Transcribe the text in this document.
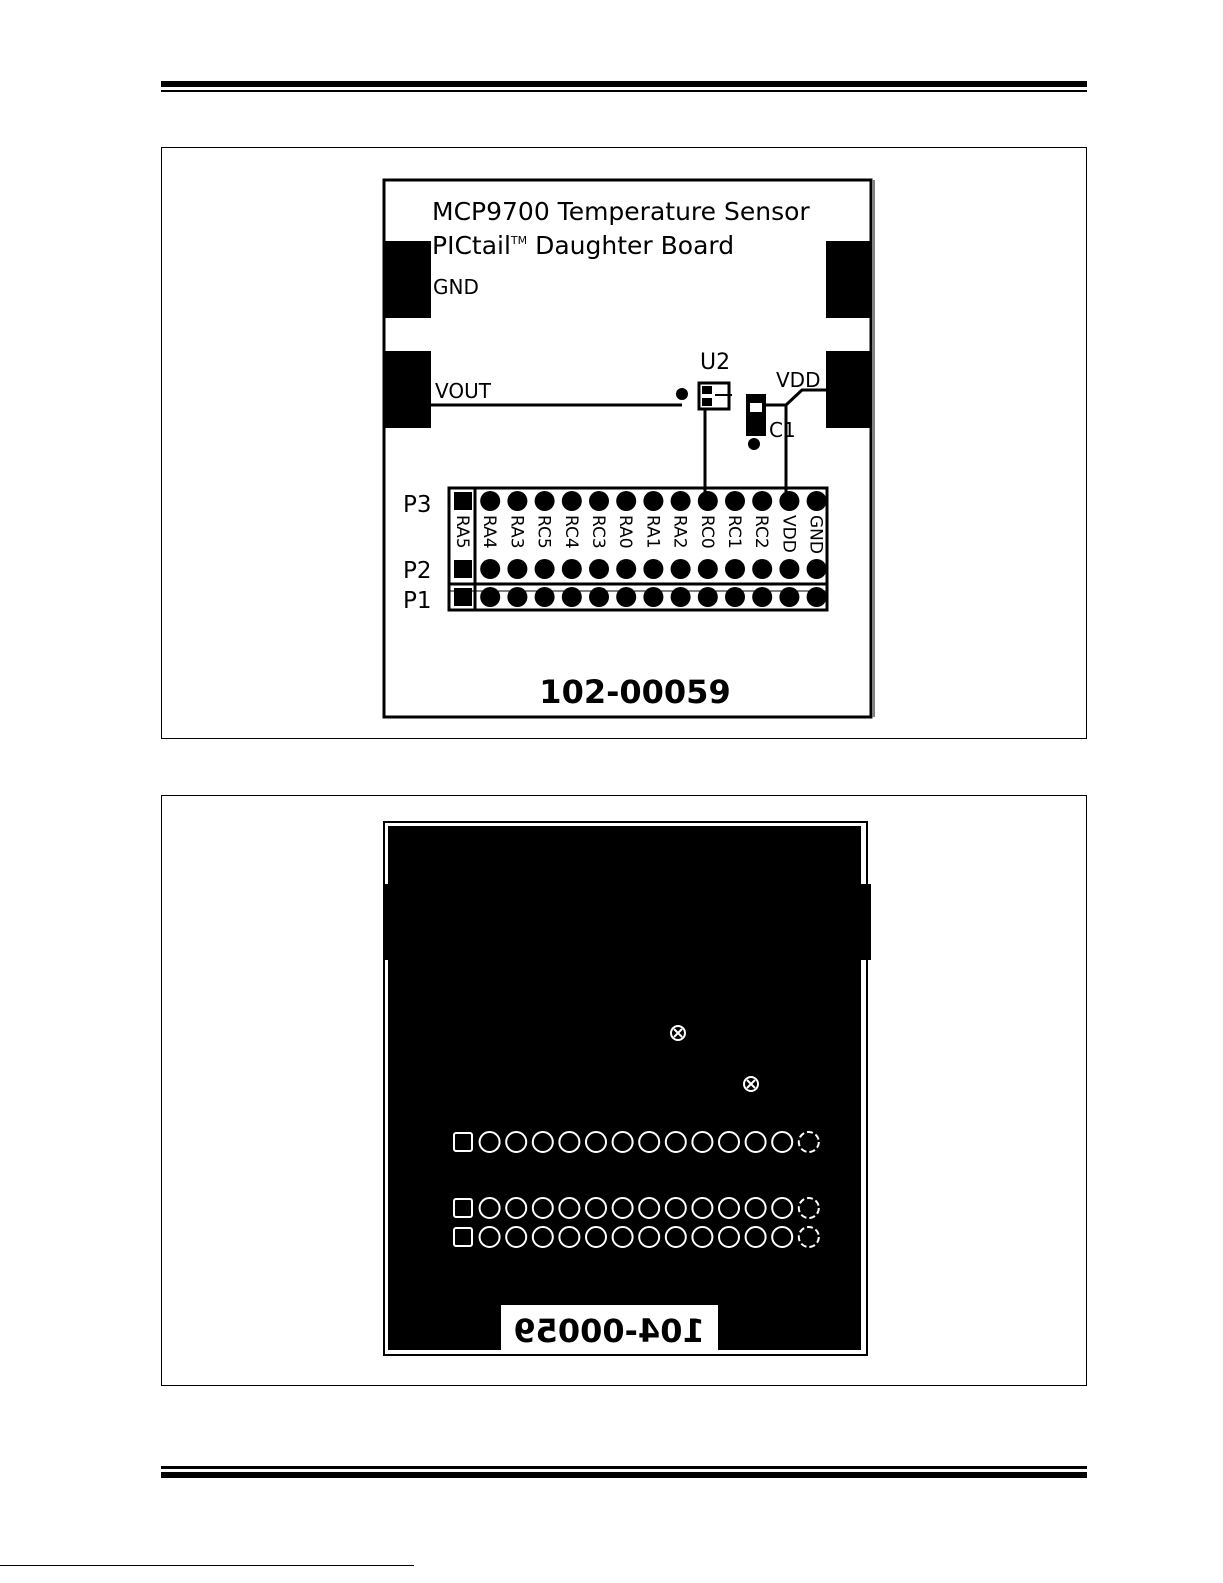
MCP9700 Temperature Sensor
PICtail™ Daughter Board
GND
VOUT	VDD
U2
C1
P3
P2
P1
RA5 RA4 RA3 RC5 RC4 RC3 RA0 RA1 RA2 RC0 RC1 RC2 VDD GND
102-00059
104-00059
